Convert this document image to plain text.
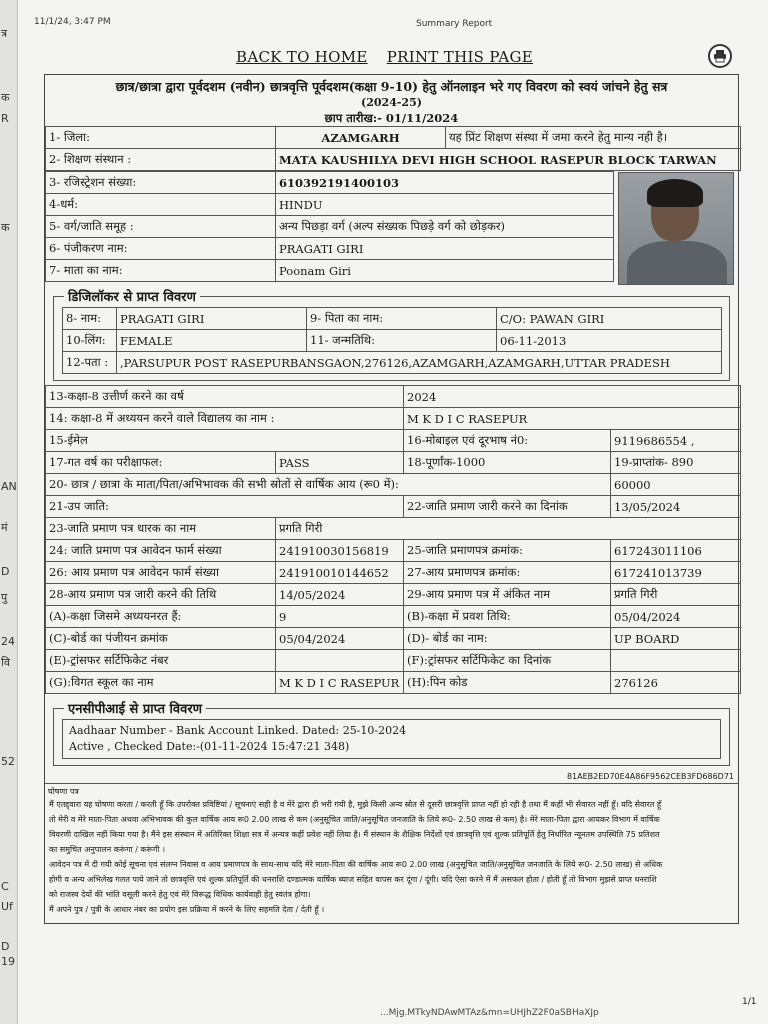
त्र
क
R
क
AN
मं
D
पु
24
वि
52
C
Uf
D
19
11/1/24, 3:47 PM	Summary Report
BACK TO HOME PRINT THIS PAGE
छात्र/छात्रा द्वारा पूर्वदशम (नवीन) छात्रवृत्ति पूर्वदशम(कक्षा 9-10) हेतु ऑनलाइन भरे गए विवरण को स्वयं जांचने हेतु सत्र
(2024-25)
छाप तारीख:- 01/11/2024
1- जिला:	AZAMGARH	यह प्रिंट शिक्षण संस्था में जमा करने हेतु मान्य नही है।
2- शिक्षण संस्थान :	MATA KAUSHILYA DEVI HIGH SCHOOL RASEPUR BLOCK TARWAN	
3- रजिस्ट्रेशन संख्या:	610392191400103
4-धर्म:	HINDU
5- वर्ग/जाति समूह :	अन्य पिछड़ा वर्ग (अल्प संख्यक पिछड़े वर्ग को छोड़कर)
6- पंजीकरण नाम:	PRAGATI GIRI
7- माता का नाम:	Poonam Giri
डिजिलॉकर से प्राप्त विवरण
8- नाम:	PRAGATI GIRI	9- पिता का नाम:	C/O: PAWAN GIRI
10-लिंग:	FEMALE	11- जन्मतिथि:	06-11-2013
12-पता :	,PARSUPUR POST RASEPURBANSGAON,276126,AZAMGARH,AZAMGARH,UTTAR PRADESH		
13-कक्षा-8 उत्तीर्ण करने का वर्ष		2024	
14: कक्षा-8 में अध्ययन करने वाले विद्यालय का नाम :		M K D I C RASEPUR	
15-ईमेल		16-मोबाइल एवं दूरभाष नं0:	9119686554 ,
17-गत वर्ष का परीक्षाफल:	PASS	18-पूर्णांक-1000	19-प्राप्तांक- 890
20- छात्र / छात्रा के माता/पिता/अभिभावक की सभी स्रोतों से वार्षिक आय (रू0 में):			60000
21-उप जाति:		22-जाति प्रमाण जारी करने का दिनांक	13/05/2024
23-जाति प्रमाण पत्र धारक का नाम	प्रगति गिरी		
24: जाति प्रमाण पत्र आवेदन फार्म संख्या	241910030156819	25-जाति प्रमाणपत्र क्रमांक:	617243011106
26: आय प्रमाण पत्र आवेदन फार्म संख्या	241910010144652	27-आय प्रमाणपत्र क्रमांक:	617241013739
28-आय प्रमाण पत्र जारी करने की तिथि	14/05/2024	29-आय प्रमाण पत्र में अंकित नाम	प्रगति गिरी
(A)-कक्षा जिसमे अध्ययनरत हैं:	9	(B)-कक्षा में प्रवश तिथि:	05/04/2024
(C)-बोर्ड का पंजीयन क्रमांक	05/04/2024	(D)- बोर्ड का नाम:	UP BOARD
(E)-ट्रांसफर सर्टिफिकेट नंबर		(F):ट्रांसफर सर्टिफिकेट का दिनांक	
(G):विगत स्कूल का नाम	M K D I C RASEPUR	(H):पिन कोड	276126
एनसीपीआई से प्राप्त विवरण
Aadhaar Number - Bank Account Linked. Dated: 25-10-2024
Active , Checked Date:-(01-11-2024 15:47:21 348)
81AEB2ED70E4A86F9562CEB3FD686D71
घोषणा पत्र
मैं एतद्द्वारा यह घोषणा करता / करती हूँ कि उपरोक्त प्रविष्टियां / सूचनाएं सही है व मेरे द्वारा ही भरी गयी है, मुझे किसी अन्य स्रोत से दूसरी छात्रवृत्ति प्राप्त नहीं हो रही है तथा मैं कहीं भी सेवारत नहीं हूँ। यदि सेवारत हूँ
तो मेरी व मेरे माता-पिता अथवा अभिभावक की कुल वार्षिक आय रू0 2.00 लाख से कम (अनुसूचित जाति/अनुसूचित जनजाति के लिये रू0- 2.50 लाख से कम) है। मेरे माता-पिता द्वारा आयकर विभाग में वार्षिक
विवरणी दाखिल नहीं किया गया है। मैंने इस संस्थान में अतिरिक्त शिक्षा सत्र में अन्यत्र कहीं प्रवेश नहीं लिया है। मैं संस्थान के शैक्षिक निर्देशों एवं छात्रवृत्ति एवं शुल्क प्रतिपूर्ति हेतु निर्धारित न्यूनतम उपस्थिति 75 प्रतिशत
का समुचित अनुपालन करूंगा / करूंगी ।
आवेदन पत्र में दी गयी कोई सूचना एवं संलग्न निवास व आय प्रमाणपत्र के साथ-साथ यदि मेरे माता-पिता की वार्षिक आय रू0 2.00 लाख (अनुसूचित जाति/अनुसूचित जनजाति के लिये रू0- 2.50 लाख) से अधिक
होगी व अन्य अभिलेख गलत पाये जाने तो छात्रवृत्ति एवं शुल्क प्रतिपूर्ति की धनराशि दण्डात्मक वार्षिक ब्याज सहित वापस कर दूंगा / दूंगी। यदि ऐसा करने में मैं असफल होता / होती हूँ तो विभाग मुझसे प्राप्त धनराशि
को राजस्व देयों की भांति वसूली करने हेतु एवं मेरे विरूद्ध विधिक कार्यवाही हेतु स्वतंत्र होगा।
मैं अपने पुत्र / पुत्री के आधार नंबर का प्रयोग इस प्रक्रिया में करने के लिए सहमति देता / देती हूँ ।
1/1
...Mjg.MTkyNDAwMTAz&mn=UHJhZ2F0aSBHaXJp
